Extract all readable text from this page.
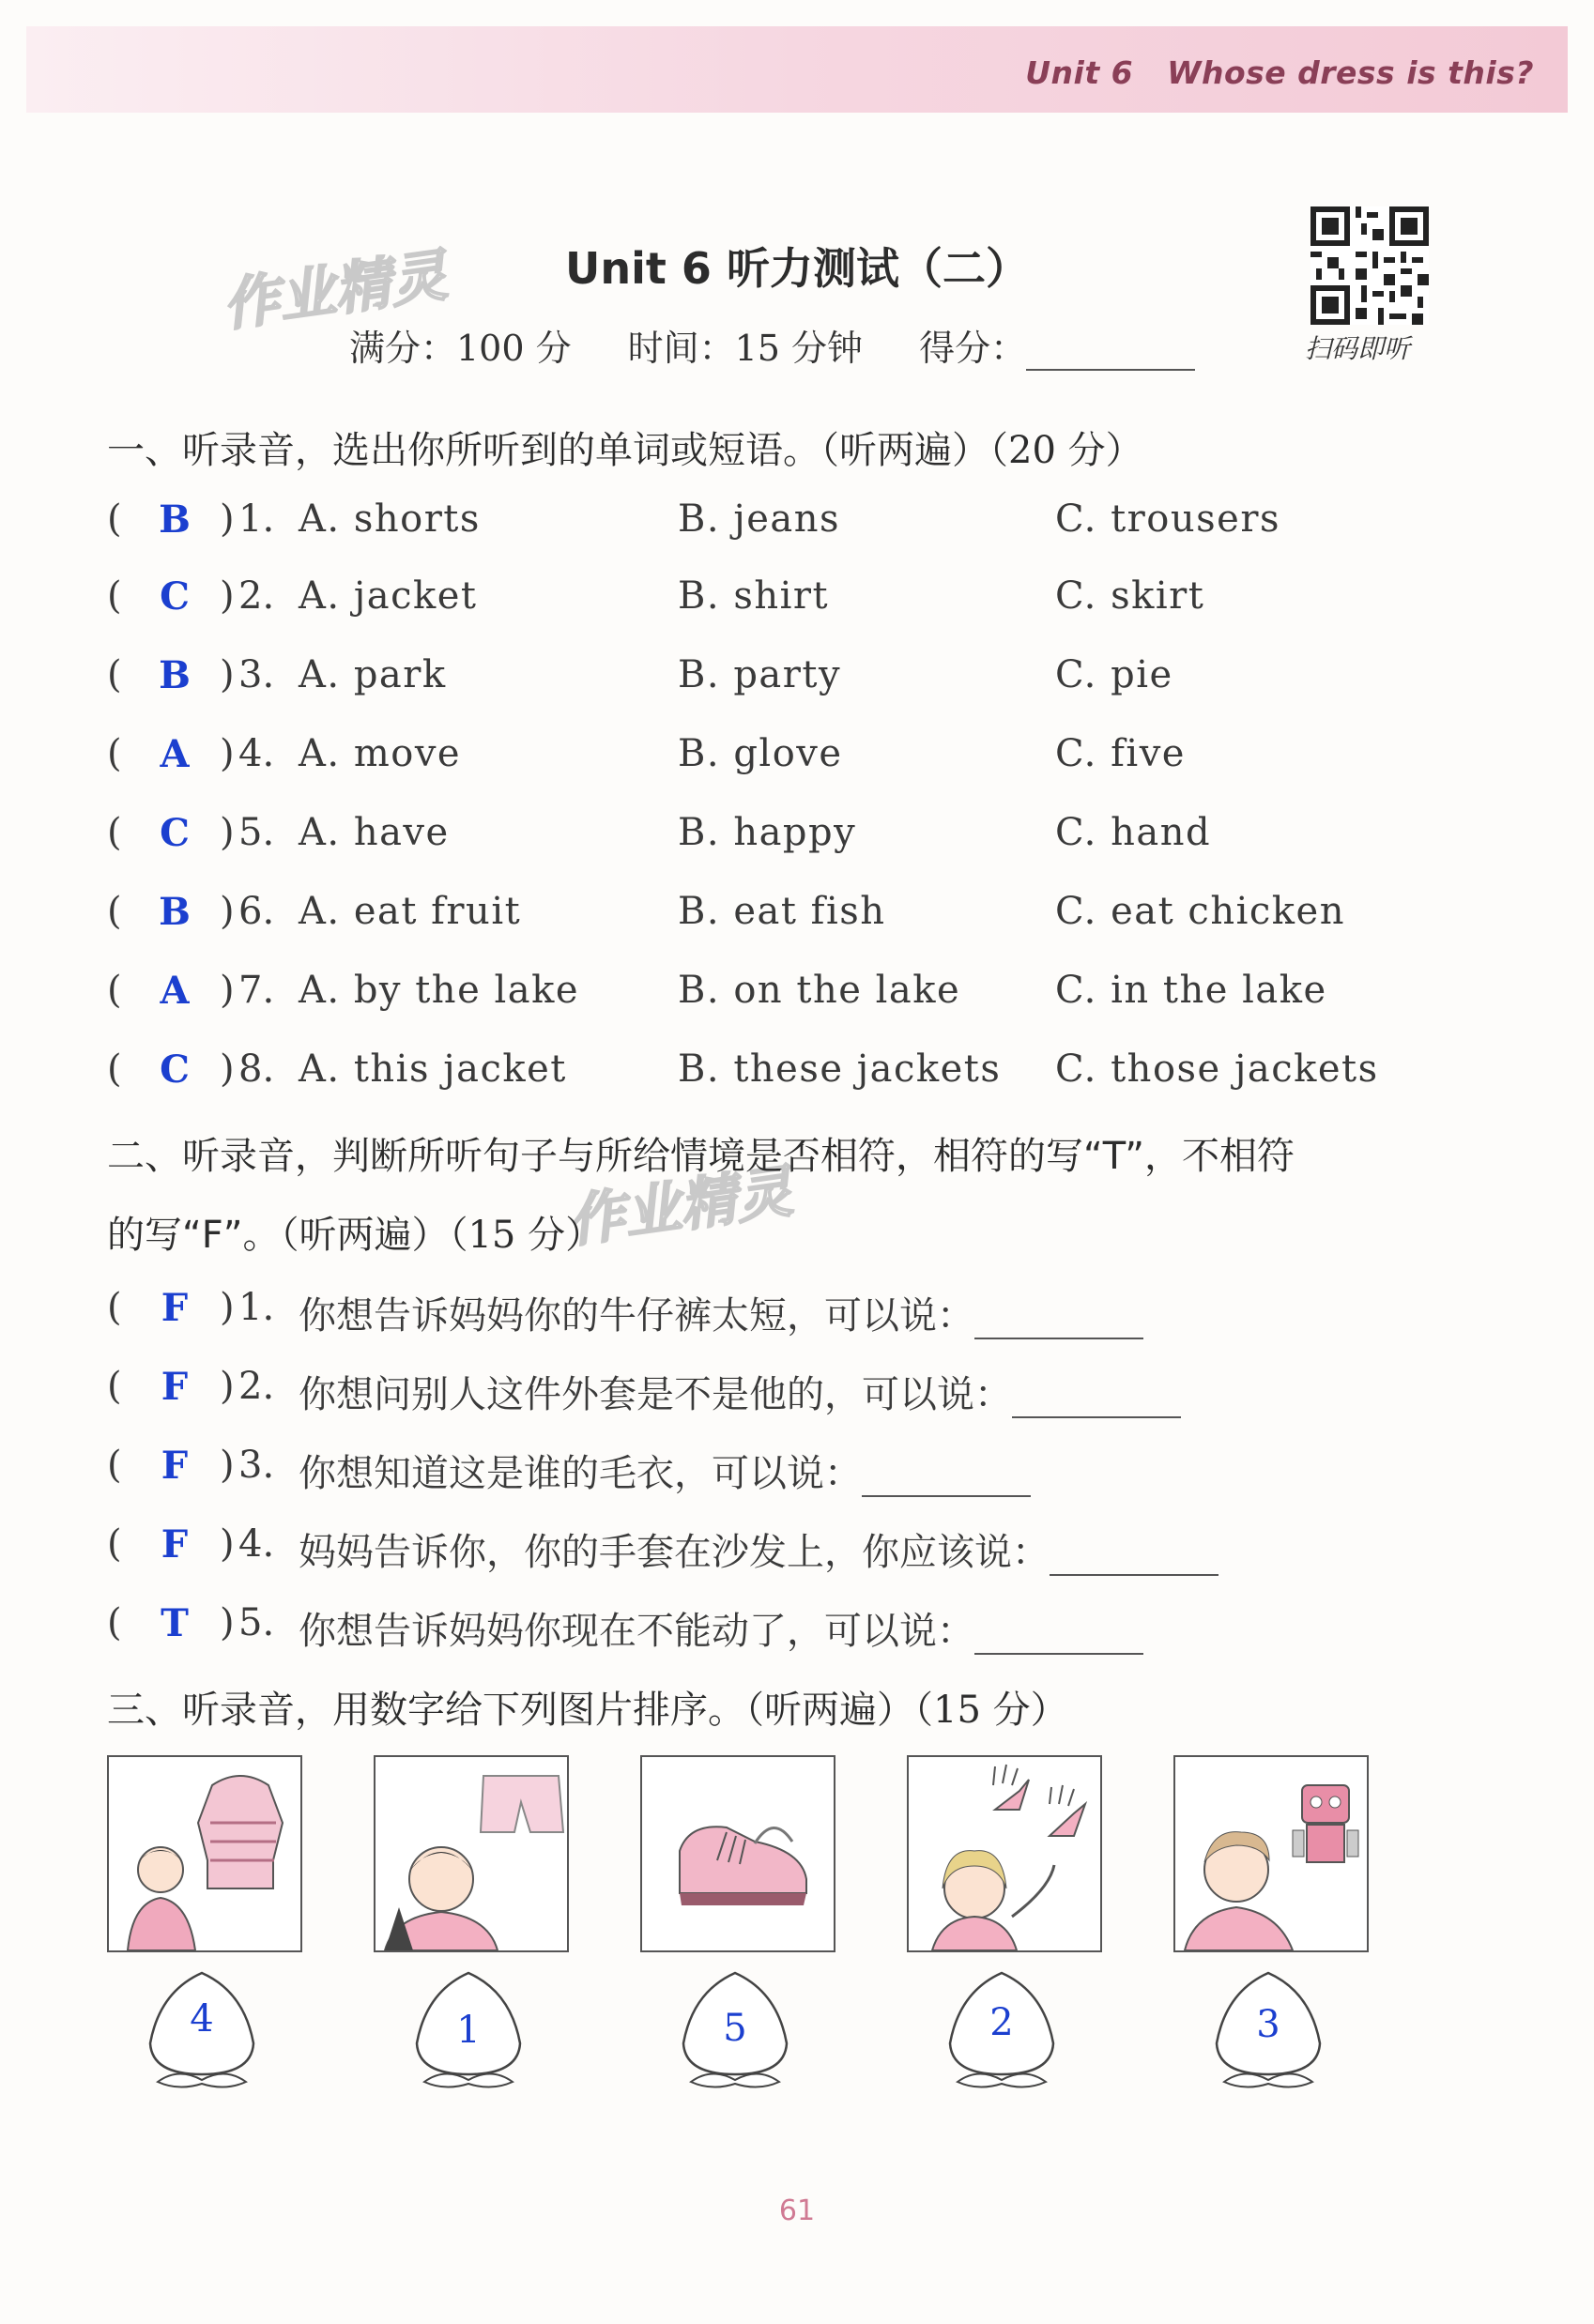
Unit 6 Whose dress is this?
作业精灵
作业精灵
Unit 6 听力测试（二）
满分：100 分 时间：15 分钟 得分：	扫码即听
一、听录音，选出你所听到的单词或短语。（听两遍）（20 分）
( B ) 1. A. shorts	B. jeans	C. trousers
( C ) 2. A. jacket	B. shirt	C. skirt
( B ) 3. A. park	B. party	C. pie
( A ) 4. A. move	B. glove	C. five
( C ) 5. A. have	B. happy	C. hand
( B ) 6. A. eat fruit	B. eat fish	C. eat chicken
( A ) 7. A. by the lake	B. on the lake	C. in the lake
( C ) 8. A. this jacket	B. these jackets C. those jackets
二、听录音，判断所听句子与所给情境是否相符，相符的写“T”，不相符
的写“F”。（听两遍）（15 分）
( F ) 1. 你想告诉妈妈你的牛仔裤太短，可以说：
( F ) 2. 你想问别人这件外套是不是他的，可以说：
( F ) 3. 你想知道这是谁的毛衣，可以说：
( F ) 4. 妈妈告诉你，你的手套在沙发上，你应该说：
( T ) 5. 你想告诉妈妈你现在不能动了，可以说：
三、听录音，用数字给下列图片排序。（听两遍）（15 分）
4	1	5	2	3
61
